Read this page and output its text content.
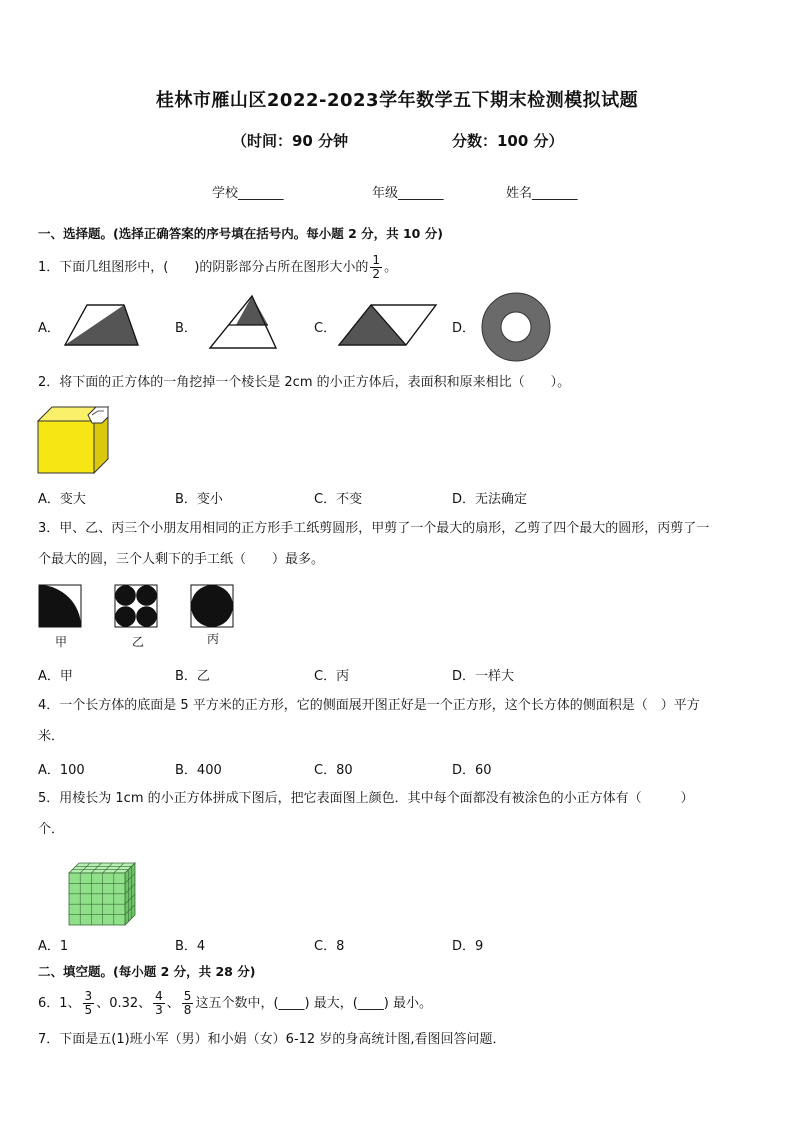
桂林市雁山区2022-2023学年数学五下期末检测模拟试题
（时间：90 分钟	分数：100 分）
学校_______	年级_______	姓名_______
一、选择题。(选择正确答案的序号填在括号内。每小题 2 分，共 10 分)
1．下面几组图形中，(　　)的阴影部分占所在图形大小的 $\frac{1}{2}$ 。
A．	B．	C．	D．
2．将下面的正方体的一角挖掉一个棱长是 2cm 的小正方体后，表面积和原来相比（　　）。
A．变大	B．变小	C．不变	D．无法确定
3．甲、乙、丙三个小朋友用相同的正方形手工纸剪圆形，甲剪了一个最大的扇形，乙剪了四个最大的圆形，丙剪了一
个最大的圆，三个人剩下的手工纸（　　）最多。
甲	乙	丙
A．甲	B．乙	C．丙	D．一样大
4．一个长方体的底面是 5 平方米的正方形，它的侧面展开图正好是一个正方形，这个长方体的侧面积是（　）平方
米．
A．100	B．400	C．80	D．60
5．用棱长为 1cm 的小正方体拼成下图后，把它表面图上颜色．其中每个面都没有被涂色的小正方体有（　　　）
个．
A．1	B．4	C．8	D．9
二、填空题。(每小题 2 分，共 28 分)
6．1、 $\frac{3}{5}$ 、0.32、 $\frac{4}{3}$ 、 $\frac{5}{8}$ 这五个数中，(____) 最大，(____) 最小。
7．下面是五(1)班小军（男）和小娟（女）6-12 岁的身高统计图,看图回答问题．
